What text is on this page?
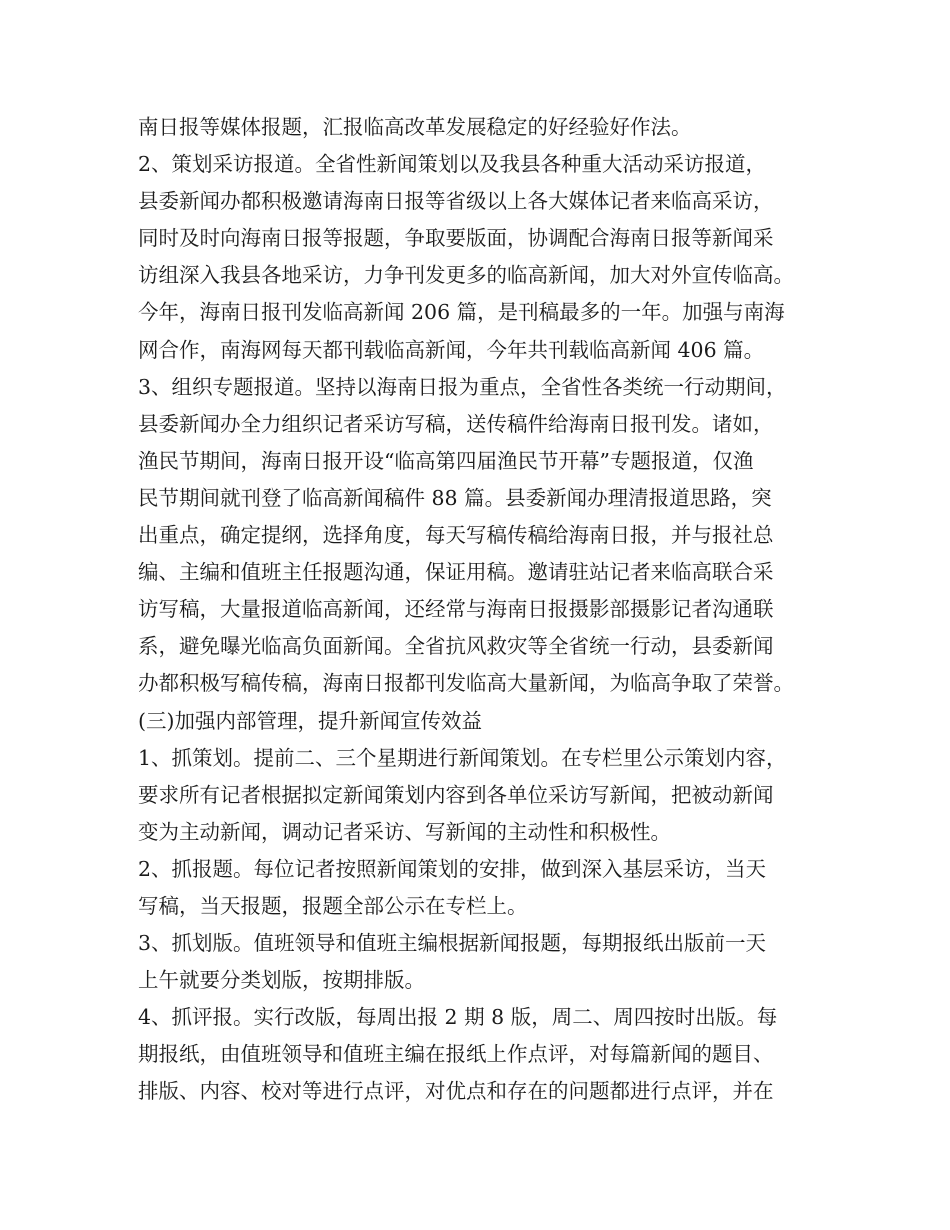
南日报等媒体报题，汇报临高改革发展稳定的好经验好作法。
2、策划采访报道。全省性新闻策划以及我县各种重大活动采访报道，
县委新闻办都积极邀请海南日报等省级以上各大媒体记者来临高采访，
同时及时向海南日报等报题，争取要版面，协调配合海南日报等新闻采
访组深入我县各地采访，力争刊发更多的临高新闻，加大对外宣传临高。
今年，海南日报刊发临高新闻 206 篇，是刊稿最多的一年。加强与南海
网合作，南海网每天都刊载临高新闻，今年共刊载临高新闻 406 篇。
3、组织专题报道。坚持以海南日报为重点，全省性各类统一行动期间，
县委新闻办全力组织记者采访写稿，送传稿件给海南日报刊发。诸如，
渔民节期间，海南日报开设“临高第四届渔民节开幕”专题报道，仅渔
民节期间就刊登了临高新闻稿件 88 篇。县委新闻办理清报道思路，突
出重点，确定提纲，选择角度，每天写稿传稿给海南日报，并与报社总
编、主编和值班主任报题沟通，保证用稿。邀请驻站记者来临高联合采
访写稿，大量报道临高新闻，还经常与海南日报摄影部摄影记者沟通联
系，避免曝光临高负面新闻。全省抗风救灾等全省统一行动，县委新闻
办都积极写稿传稿，海南日报都刊发临高大量新闻，为临高争取了荣誉。
(三)加强内部管理，提升新闻宣传效益
1、抓策划。提前二、三个星期进行新闻策划。在专栏里公示策划内容，
要求所有记者根据拟定新闻策划内容到各单位采访写新闻，把被动新闻
变为主动新闻，调动记者采访、写新闻的主动性和积极性。
2、抓报题。每位记者按照新闻策划的安排，做到深入基层采访，当天
写稿，当天报题，报题全部公示在专栏上。
3、抓划版。值班领导和值班主编根据新闻报题，每期报纸出版前一天
上午就要分类划版，按期排版。
4、抓评报。实行改版，每周出报 2 期 8 版，周二、周四按时出版。每
期报纸，由值班领导和值班主编在报纸上作点评，对每篇新闻的题目、
排版、内容、校对等进行点评，对优点和存在的问题都进行点评，并在
